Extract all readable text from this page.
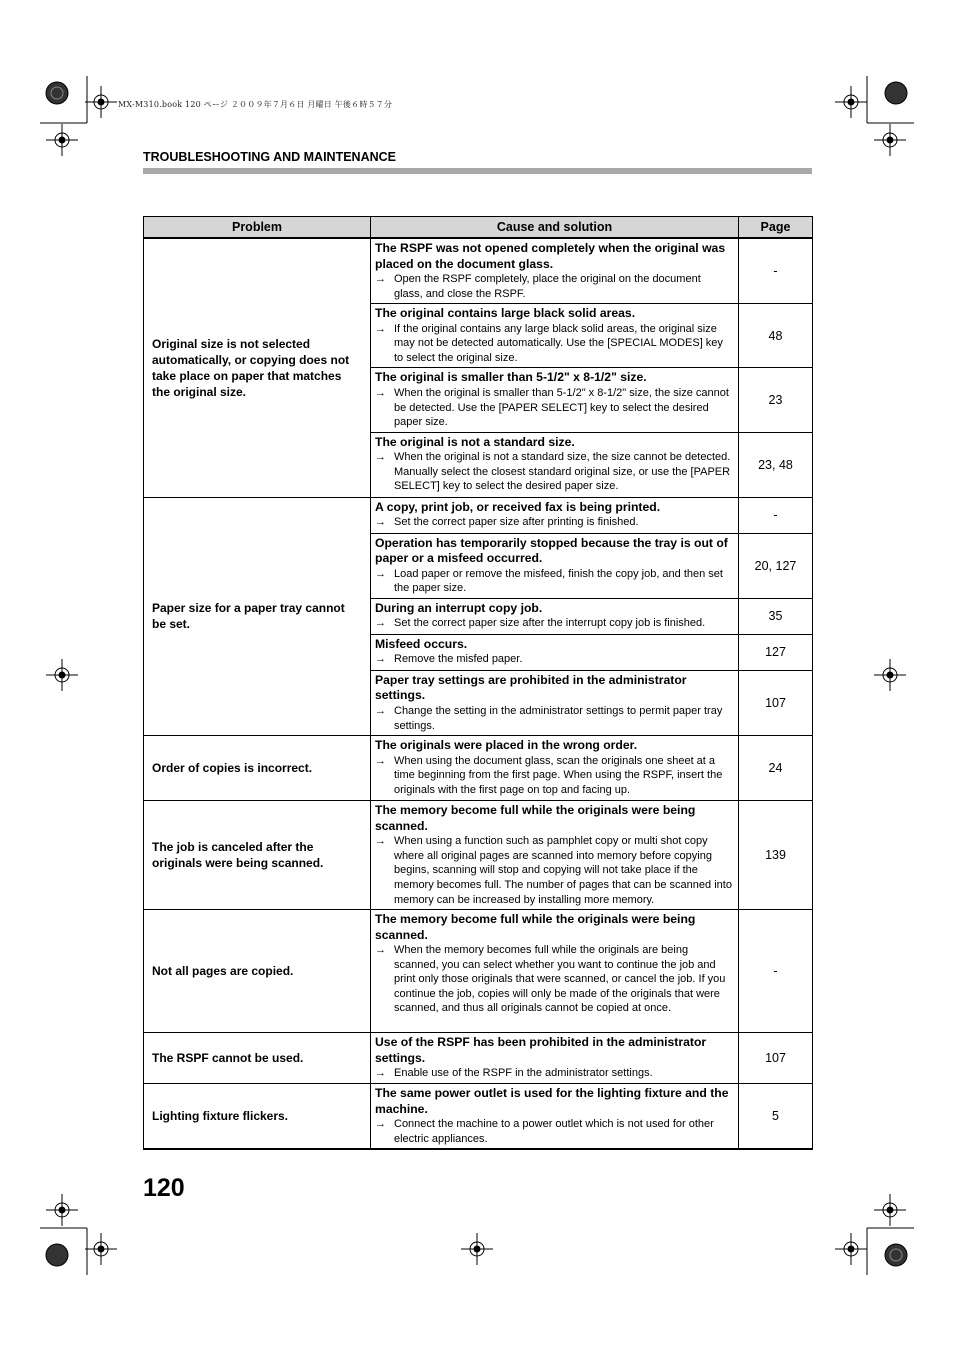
MX-M310.book 120 ページ ２００９年７月６日 月曜日 午後６時５７分
TROUBLESHOOTING AND MAINTENANCE
Problem	Cause and solution	Page
Original size is not selected automatically, or copying does not take place on paper that matches the original size.	The RSPF was not opened completely when the original was placed on the document glass.
→ Open the RSPF completely, place the original on the document glass, and close the RSPF.	-

	The original contains large black solid areas.
→ If the original contains any large black solid areas, the original size may not be detected automatically. Use the [SPECIAL MODES] key to select the original size.	48

	The original is smaller than 5-1/2" x 8-1/2" size.
→ When the original is smaller than 5-1/2" x 8-1/2" size, the size cannot be detected. Use the [PAPER SELECT] key to select the desired paper size.	23

	The original is not a standard size.
→ When the original is not a standard size, the size cannot be detected. Manually select the closest standard original size, or use the [PAPER SELECT] key to select the desired paper size.	23, 48
Paper size for a paper tray cannot be set.	A copy, print job, or received fax is being printed.
→ Set the correct paper size after printing is finished.	-

	Operation has temporarily stopped because the tray is out of paper or a misfeed occurred.
→ Load paper or remove the misfeed, finish the copy job, and then set the paper size.	20, 127

	During an interrupt copy job.
→ Set the correct paper size after the interrupt copy job is finished.	35

	Misfeed occurs.
→ Remove the misfed paper.	127

	Paper tray settings are prohibited in the administrator settings.
→ Change the setting in the administrator settings to permit paper tray settings.	107
Order of copies is incorrect.	The originals were placed in the wrong order.
→ When using the document glass, scan the originals one sheet at a time beginning from the first page. When using the RSPF, insert the originals with the first page on top and facing up.	24
The job is canceled after the originals were being scanned.	The memory become full while the originals were being scanned.
→ When using a function such as pamphlet copy or multi shot copy where all original pages are scanned into memory before copying begins, scanning will stop and copying will not take place if the memory becomes full. The number of pages that can be scanned into memory can be increased by installing more memory.	139
Not all pages are copied.	The memory become full while the originals were being scanned.
→ When the memory becomes full while the originals are being scanned, you can select whether you want to continue the job and print only those originals that were scanned, or cancel the job. If you continue the job, copies will only be made of the originals that were scanned, and thus all originals cannot be copied at once.	-
The RSPF cannot be used.	Use of the RSPF has been prohibited in the administrator settings.
→ Enable use of the RSPF in the administrator settings.	107
Lighting fixture flickers.	The same power outlet is used for the lighting fixture and the machine.
→ Connect the machine to a power outlet which is not used for other electric appliances.	5
120
